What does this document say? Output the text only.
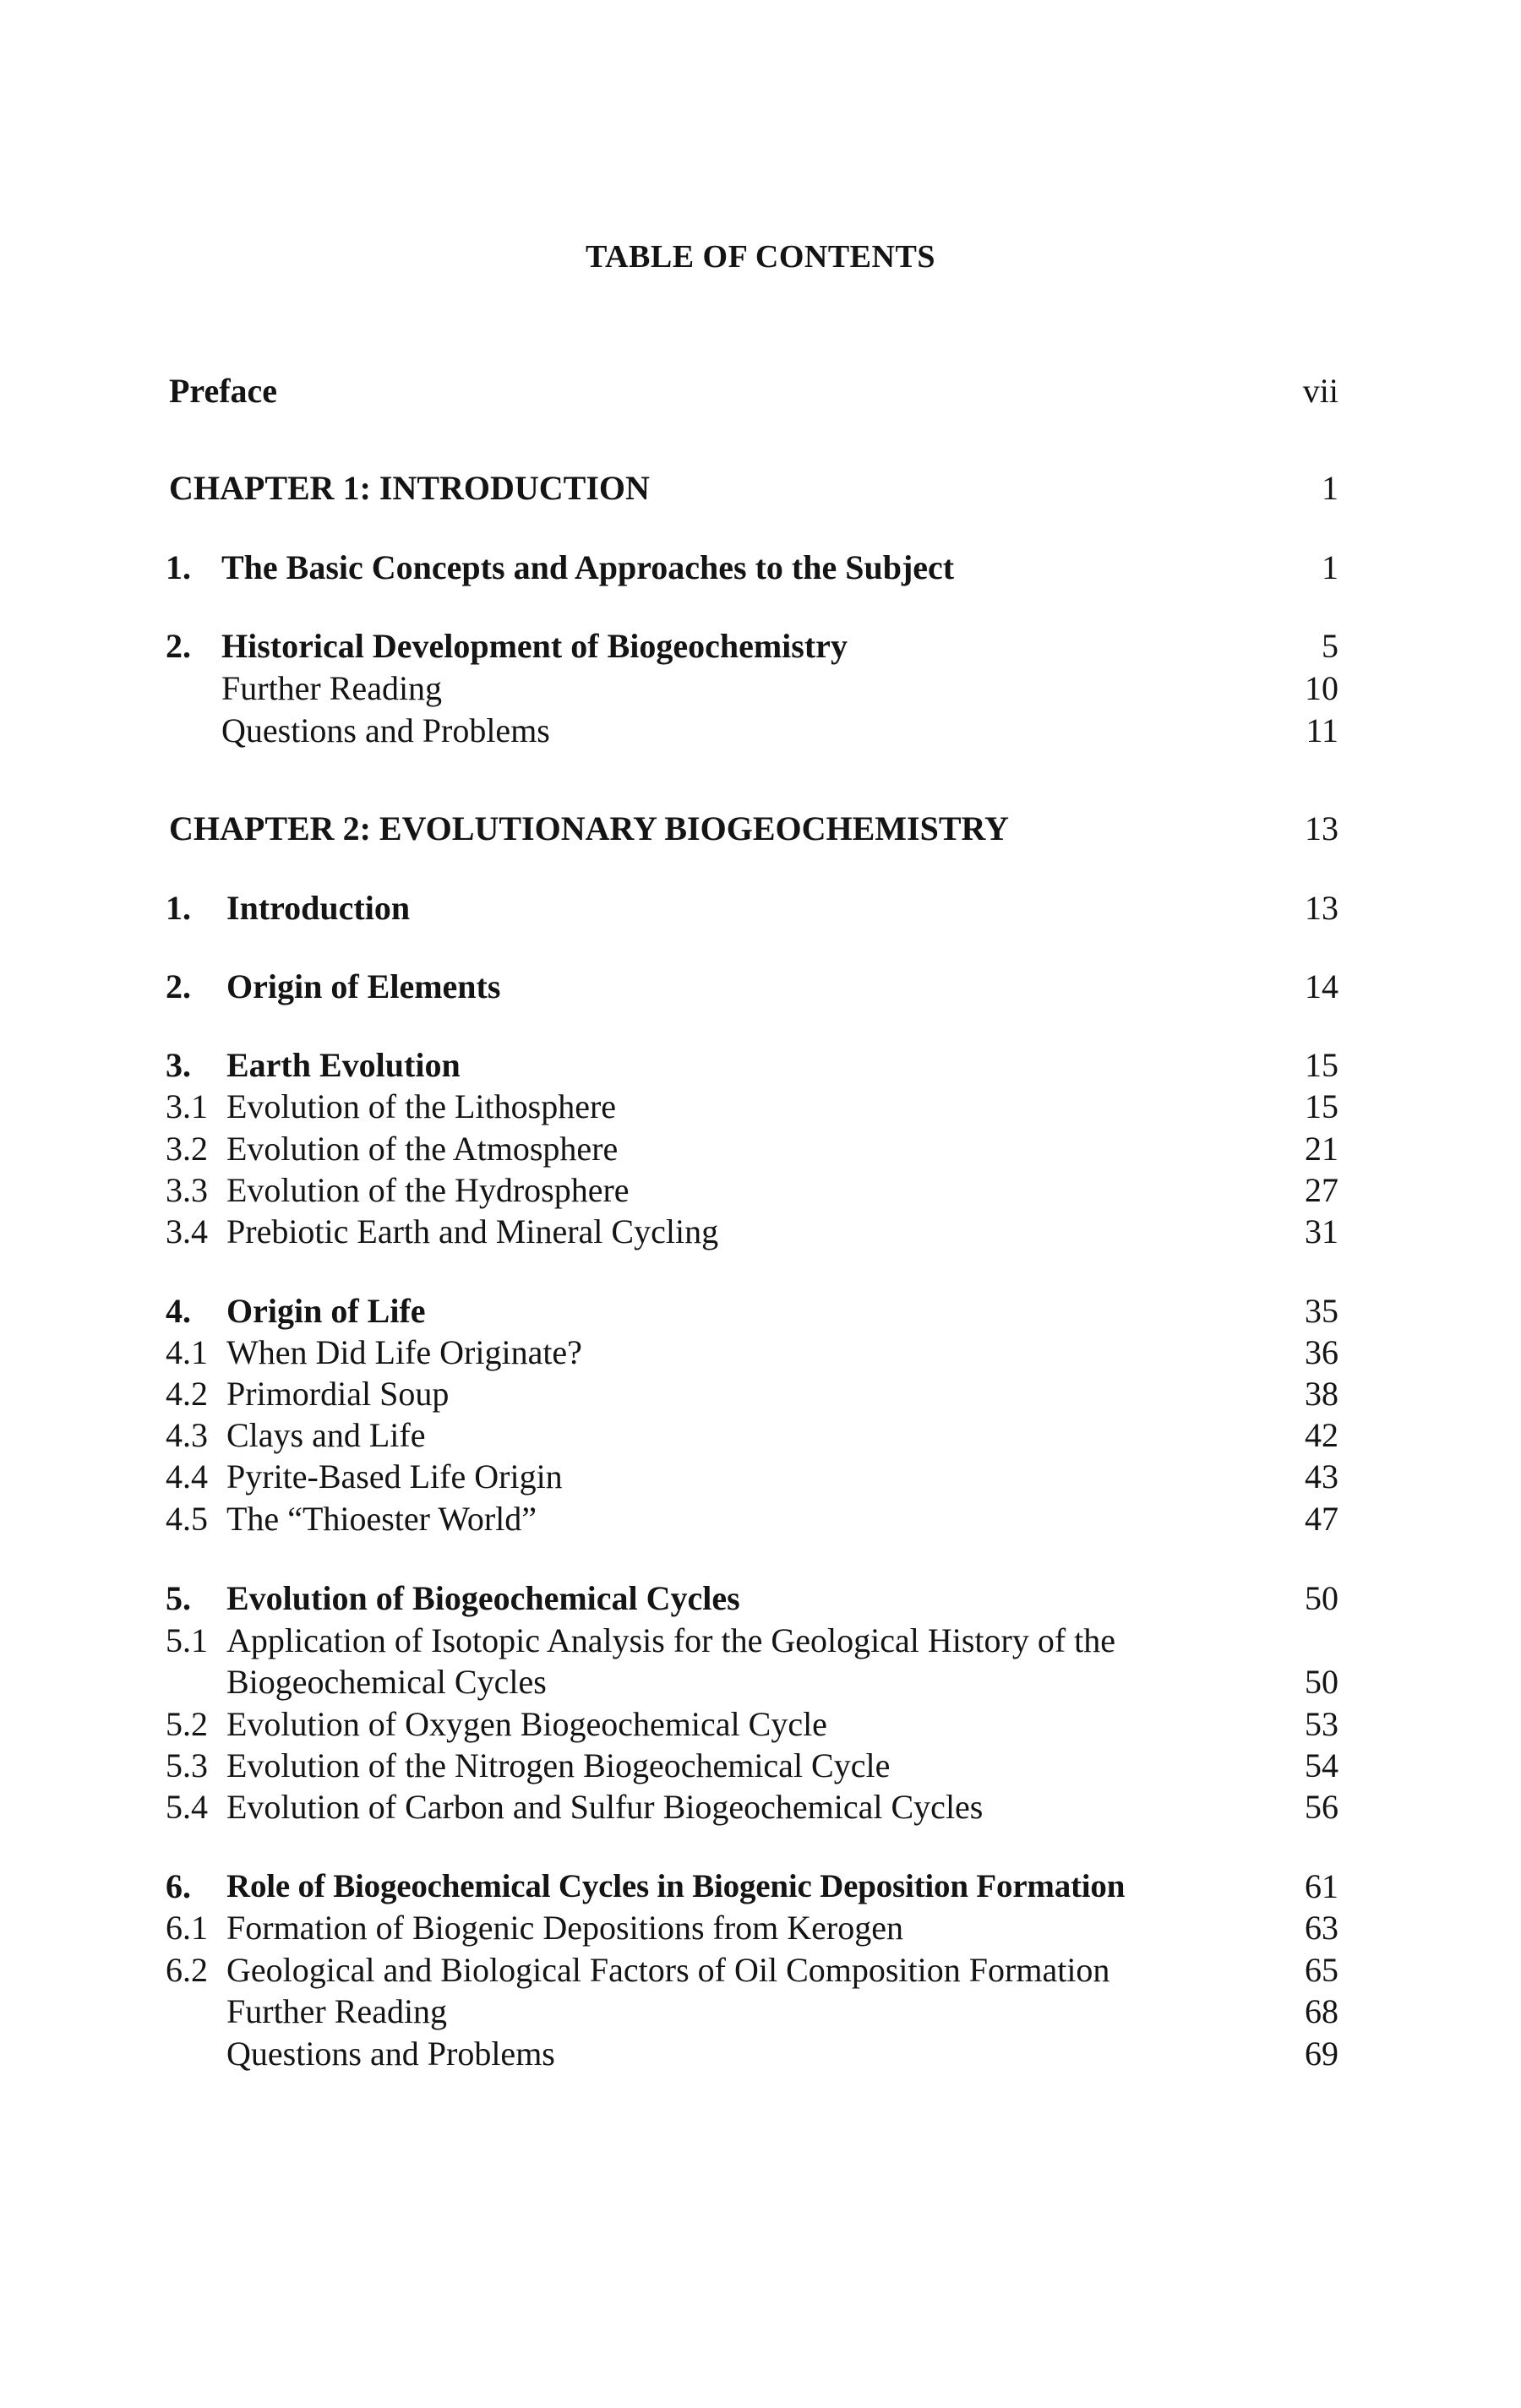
TABLE OF CONTENTS
Preface	vii
CHAPTER 1: INTRODUCTION	1
1. The Basic Concepts and Approaches to the Subject	1
2. Historical Development of Biogeochemistry	5
Further Reading	10
Questions and Problems	11
CHAPTER 2: EVOLUTIONARY BIOGEOCHEMISTRY	13
1. Introduction	13
2. Origin of Elements	14
3. Earth Evolution	15
3.1 Evolution of the Lithosphere	15
3.2 Evolution of the Atmosphere	21
3.3 Evolution of the Hydrosphere	27
3.4 Prebiotic Earth and Mineral Cycling	31
4. Origin of Life	35
4.1 When Did Life Originate?	36
4.2 Primordial Soup	38
4.3 Clays and Life	42
4.4 Pyrite-Based Life Origin	43
4.5 The “Thioester World”	47
5. Evolution of Biogeochemical Cycles	50
5.1 Application of Isotopic Analysis for the Geological History of the
Biogeochemical Cycles	50
5.2 Evolution of Oxygen Biogeochemical Cycle	53
5.3 Evolution of the Nitrogen Biogeochemical Cycle	54
5.4 Evolution of Carbon and Sulfur Biogeochemical Cycles	56
6. Role of Biogeochemical Cycles in Biogenic Deposition Formation	61
6.1 Formation of Biogenic Depositions from Kerogen	63
6.2 Geological and Biological Factors of Oil Composition Formation	65
Further Reading	68
Questions and Problems	69
